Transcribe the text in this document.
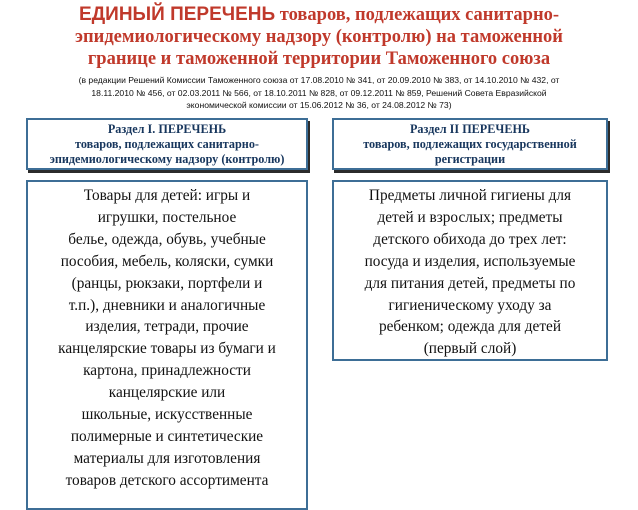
ЕДИНЫЙ ПЕРЕЧЕНЬ товаров, подлежащих санитарно-
эпидемиологическому надзору (контролю) на таможенной
границе и таможенной территории Таможенного союза

(в редакции Решений Комиссии Таможенного союза от 17.08.2010 № 341, от 20.09.2010 № 383, от 14.10.2010 № 432, от
18.11.2010 № 456, от 02.03.2011 № 566, от 18.10.2011 № 828, от 09.12.2011 № 859, Решений Совета Евразийской
экономической комиссии от 15.06.2012 № 36, от 24.08.2012 № 73)

Раздел I. ПЕРЕЧЕНЬ
товаров, подлежащих санитарно-
эпидемиологическому надзору (контролю)
Раздел II ПЕРЕЧЕНЬ
товаров, подлежащих государственной
регистрации
Товары для детей: игры и
игрушки, постельное
белье, одежда, обувь, учебные
пособия, мебель, коляски, сумки
(ранцы, рюкзаки, портфели и
т.п.), дневники и аналогичные
изделия, тетради, прочие
канцелярские товары из бумаги и
картона, принадлежности
канцелярские или
школьные, искусственные
полимерные и синтетические
материалы для изготовления
товаров детского ассортимента
Предметы личной гигиены для
детей и взрослых; предметы
детского обихода до трех лет:
посуда и изделия, используемые
для питания детей, предметы по
гигиеническому уходу за
ребенком; одежда для детей
(первый слой)
